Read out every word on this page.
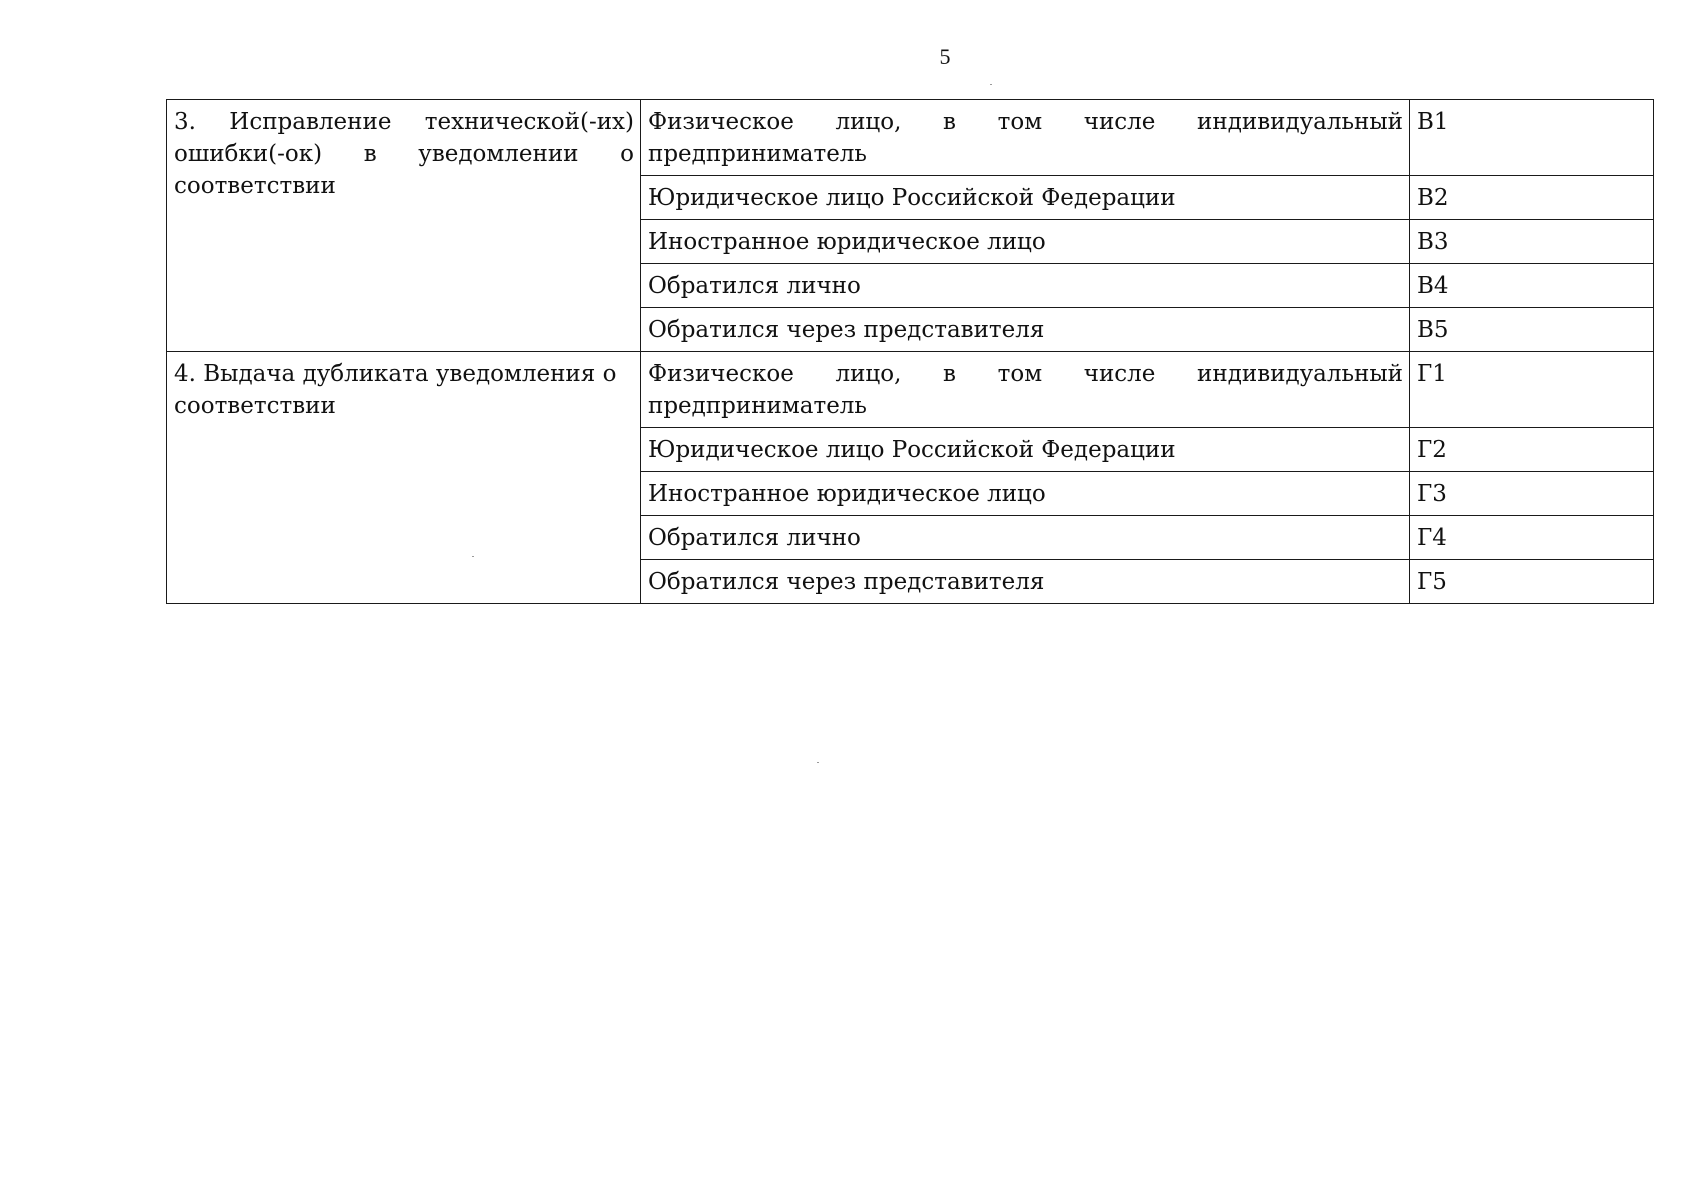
5
3. Исправление технической(-их) ошибки(-ок) в уведомлении о соответствии	Физическое лицо, в том числе индивидуальный предприниматель	В1
	Юридическое лицо Российской Федерации	В2
	Иностранное юридическое лицо	В3
	Обратился лично	В4
	Обратился через представителя	В5
4. Выдача дубликата уведомления о соответствии	Физическое лицо, в том числе индивидуальный предприниматель	Г1
	Юридическое лицо Российской Федерации	Г2
	Иностранное юридическое лицо	Г3
	Обратился лично	Г4
	Обратился через представителя	Г5
